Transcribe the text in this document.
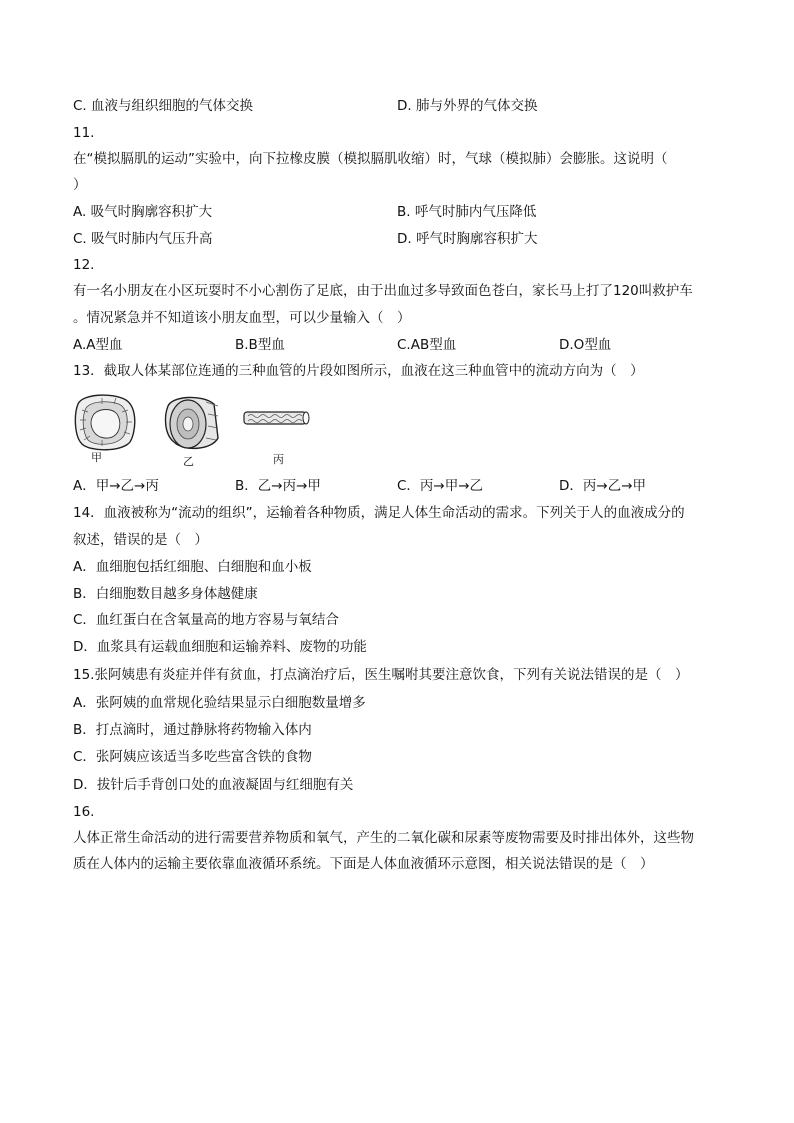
C. 血液与组织细胞的气体交换	D. 肺与外界的气体交换
11.
在“模拟膈肌的运动”实验中，向下拉橡皮膜（模拟膈肌收缩）时，气球（模拟肺）会膨胀。这说明（
）
A. 吸气时胸廓容积扩大	B. 呼气时肺内气压降低
C. 吸气时肺内气压升高	D. 呼气时胸廓容积扩大
12.
有一名小朋友在小区玩耍时不小心割伤了足底，由于出血过多导致面色苍白，家长马上打了120叫救护车
。情况紧急并不知道该小朋友血型，可以少量输入（　）
A.A型血	B.B型血	C.AB型血	D.O型血
13．截取人体某部位连通的三种血管的片段如图所示，血液在这三种血管中的流动方向为（　）
甲	乙	丙
A．甲→乙→丙	B．乙→丙→甲	C．丙→甲→乙	D．丙→乙→甲
14．血液被称为“流动的组织”，运输着各种物质，满足人体生命活动的需求。下列关于人的血液成分的
叙述，错误的是（　）
A．血细胞包括红细胞、白细胞和血小板
B．白细胞数目越多身体越健康
C．血红蛋白在含氧量高的地方容易与氧结合
D．血浆具有运载血细胞和运输养料、废物的功能
15.张阿姨患有炎症并伴有贫血，打点滴治疗后，医生嘱咐其要注意饮食，下列有关说法错误的是（　）
A．张阿姨的血常规化验结果显示白细胞数量增多
B．打点滴时，通过静脉将药物输入体内
C．张阿姨应该适当多吃些富含铁的食物
D．拔针后手背创口处的血液凝固与红细胞有关
16.
人体正常生命活动的进行需要营养物质和氧气，产生的二氧化碳和尿素等废物需要及时排出体外，这些物
质在人体内的运输主要依靠血液循环系统。下面是人体血液循环示意图，相关说法错误的是（　）
